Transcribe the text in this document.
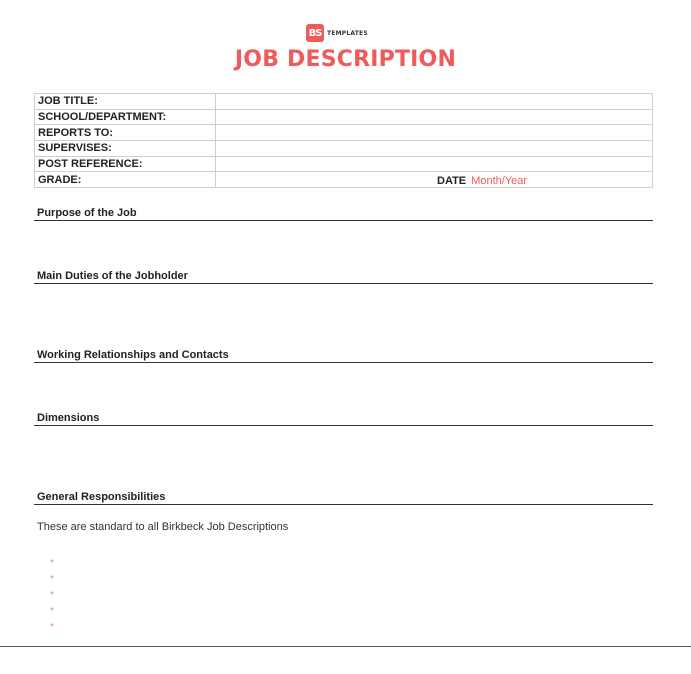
BS TEMPLATES
JOB DESCRIPTION
JOB TITLE:	
SCHOOL/DEPARTMENT:	
REPORTS TO:	
SUPERVISES:	
POST REFERENCE:	
GRADE:		DATE Month/Year
Purpose of the Job
Main Duties of the Jobholder
Working Relationships and Contacts
Dimensions
General Responsibilities
These are standard to all Birkbeck Job Descriptions
»
»
»
»
»
